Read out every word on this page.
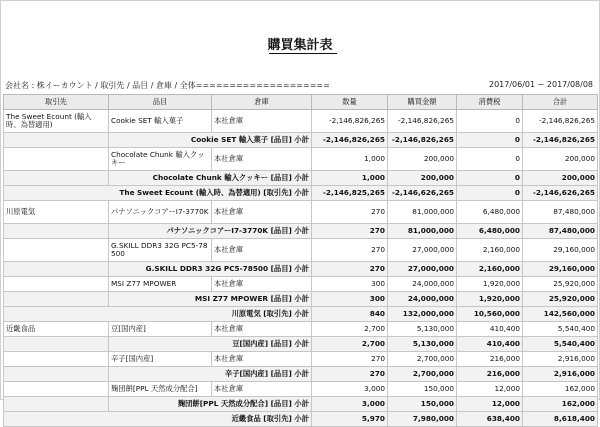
購買集計表
会社名 : 株イーカウント / 取引先 / 品目 / 倉庫 / 全体====================	2017/06/01 ~ 2017/08/08
取引先	品目	倉庫	数量	購買金額	消費税	合計
The Sweet Ecount (輸入時、為替適用)	Cookie SET 輸入菓子	本社倉庫	-2,146,826,265	-2,146,826,265	0	-2,146,826,265
	Cookie SET 輸入菓子 [品目] 小計		-2,146,826,265	-2,146,826,265	0	-2,146,826,265
	Chocolate Chunk 輸入クッキー	本社倉庫	1,000	200,000	0	200,000
	Chocolate Chunk 輸入クッキー [品目] 小計		1,000	200,000	0	200,000
The Sweet Ecount (輸入時、為替適用) [取引先] 小計			-2,146,825,265	-2,146,626,265	0	-2,146,626,265
川原電気	パナソニックコアーI7-3770K	本社倉庫	270	81,000,000	6,480,000	87,480,000
	パナソニックコアーI7-3770K [品目] 小計		270	81,000,000	6,480,000	87,480,000
	G.SKILL DDR3 32G PC5-78500	本社倉庫	270	27,000,000	2,160,000	29,160,000
	G.SKILL DDR3 32G PC5-78500 [品目] 小計		270	27,000,000	2,160,000	29,160,000
	MSI Z77 MPOWER	本社倉庫	300	24,000,000	1,920,000	25,920,000
	MSI Z77 MPOWER [品目] 小計		300	24,000,000	1,920,000	25,920,000
川原電気 [取引先] 小計			840	132,000,000	10,560,000	142,560,000
近畿食品	豆[国内産]	本社倉庫	2,700	5,130,000	410,400	5,540,400
	豆[国内産] [品目] 小計		2,700	5,130,000	410,400	5,540,400
	辛子[国内産]	本社倉庫	270	2,700,000	216,000	2,916,000
	辛子[国内産] [品目] 小計		270	2,700,000	216,000	2,916,000
	麹団餅[PPL 天然成分配合]	本社倉庫	3,000	150,000	12,000	162,000
	麹団餅[PPL 天然成分配合] [品目] 小計		3,000	150,000	12,000	162,000
近畿食品 [取引先] 小計			5,970	7,980,000	638,400	8,618,400
